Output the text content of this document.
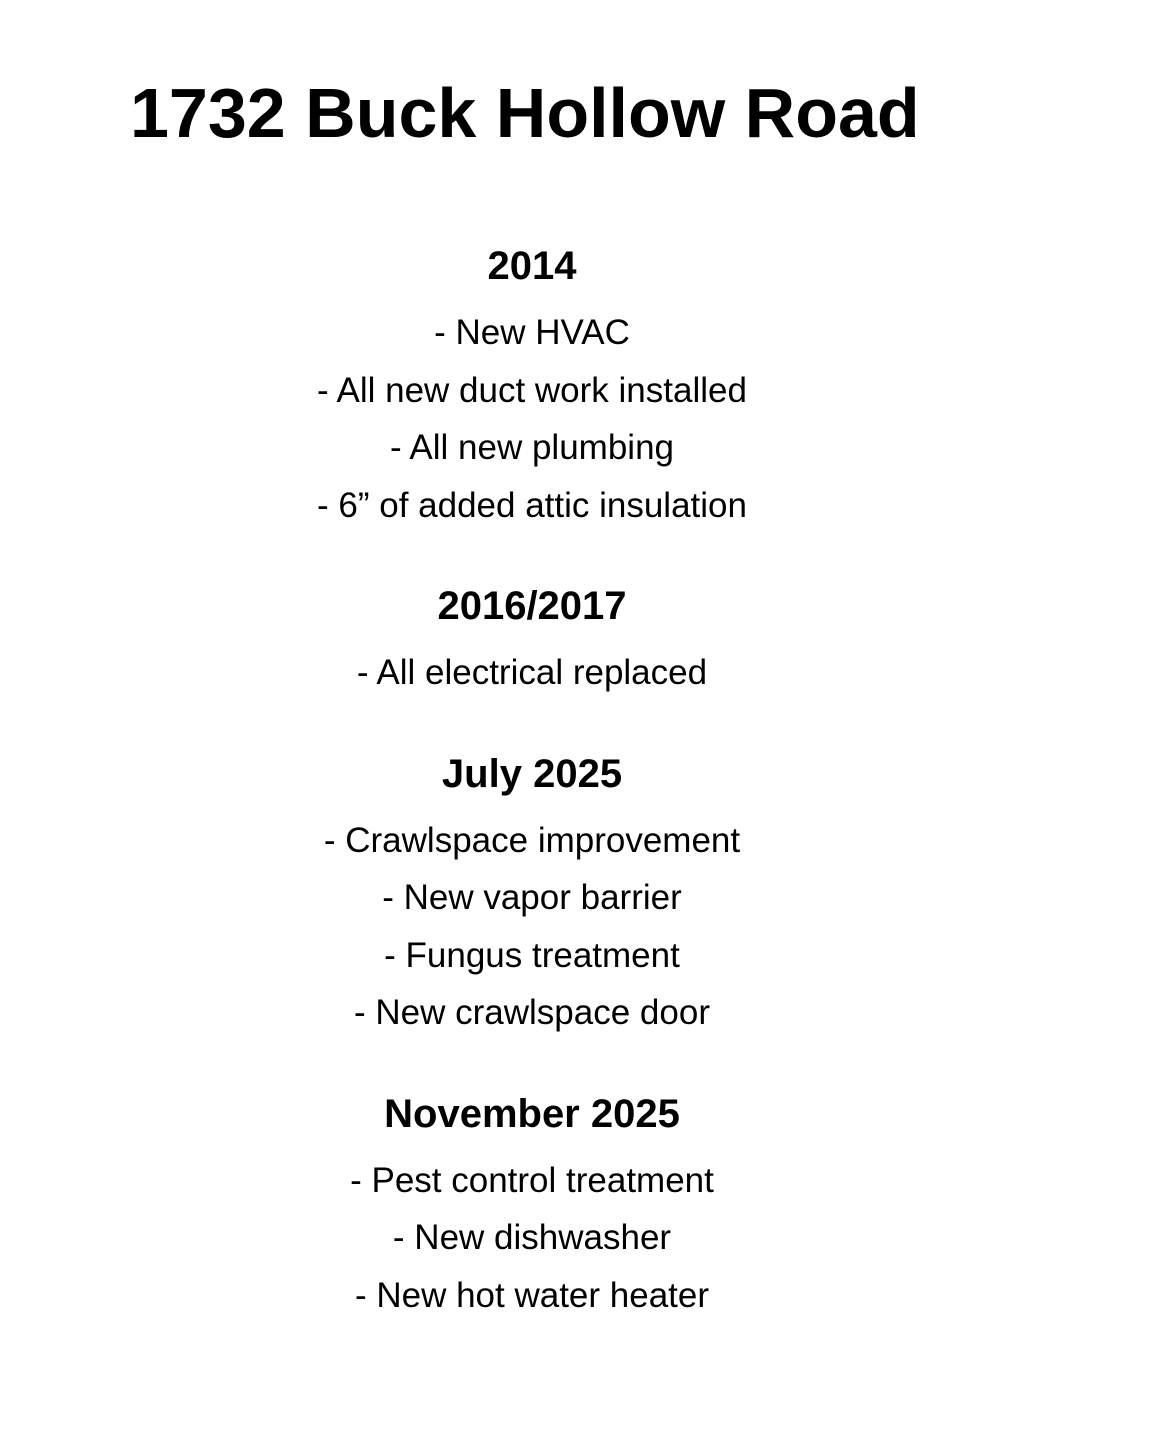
1732 Buck Hollow Road
2014
- New HVAC
- All new duct work installed
- All new plumbing
- 6” of added attic insulation
2016/2017
- All electrical replaced
July 2025
- Crawlspace improvement
- New vapor barrier
- Fungus treatment
- New crawlspace door
November 2025
- Pest control treatment
- New dishwasher
- New hot water heater
